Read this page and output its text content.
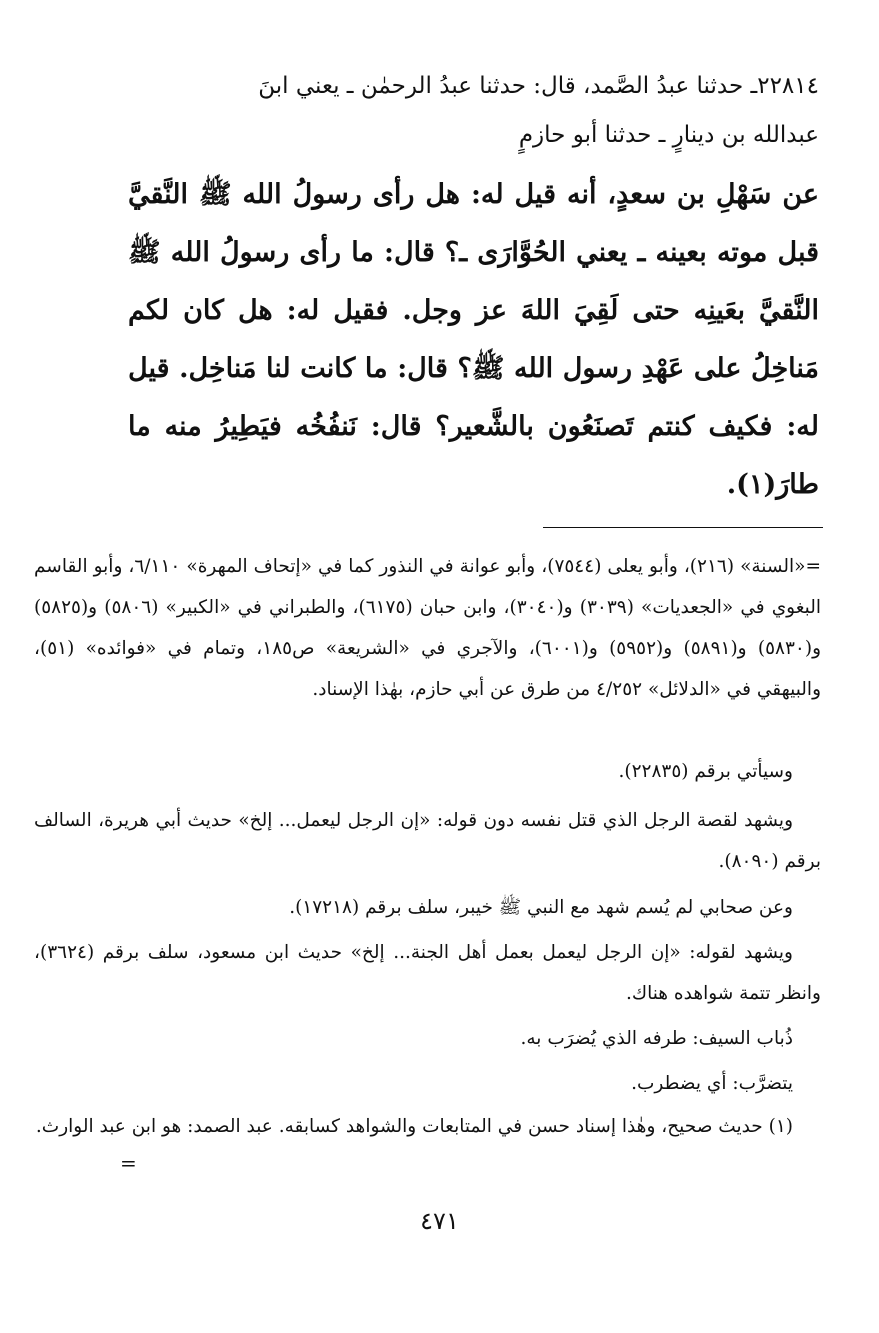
٢٢٨١٤ـ حدثنا عبدُ الصَّمد، قال: حدثنا عبدُ الرحمٰن ـ يعني ابنَ
عبدالله بن دينارٍ ـ حدثنا أبو حازمٍ

عن سَهْلِ بن سعدٍ، أنه قيل له: هل رأى رسولُ الله ﷺ النَّقيَّ قبل موته بعينه ـ يعني الحُوَّارَى ـ؟ قال: ما رأى رسولُ الله ﷺ النَّقيَّ بعَينِه حتى لَقِيَ اللهَ عز وجل. فقيل له: هل كان لكم مَناخِلُ على عَهْدِ رسول الله ﷺ؟ قال: ما كانت لنا مَناخِل. قيل له: فكيف كنتم تَصنَعُون بالشَّعير؟ قال: نَنفُخُه فيَطِيرُ منه ما طارَ(١).

=«السنة» (٢١٦)، وأبو يعلى (٧٥٤٤)، وأبو عوانة في النذور كما في «إتحاف المهرة» ٦/١١٠، وأبو القاسم البغوي في «الجعديات» (٣٠٣٩) و(٣٠٤٠)، وابن حبان (٦١٧٥)، والطبراني في «الكبير» (٥٨٠٦) و(٥٨٢٥) و(٥٨٣٠) و(٥٨٩١) و(٥٩٥٢) و(٦٠٠١)، والآجري في «الشريعة» ص١٨٥، وتمام في «فوائده» (٥١)، والبيهقي في «الدلائل» ٤/٢٥٢ من طرق عن أبي حازم، بهٰذا الإسناد.

وسيأتي برقم (٢٢٨٣٥).

ويشهد لقصة الرجل الذي قتل نفسه دون قوله: «إن الرجل ليعمل... إلخ» حديث أبي هريرة، السالف برقم (٨٠٩٠).

وعن صحابي لم يُسم شهد مع النبي ﷺ خيبر، سلف برقم (١٧٢١٨).

ويشهد لقوله: «إن الرجل ليعمل بعمل أهل الجنة... إلخ» حديث ابن مسعود، سلف برقم (٣٦٢٤)، وانظر تتمة شواهده هناك.

ذُباب السيف: طرفه الذي يُضرَب به.

يتضرَّب: أي يضطرب.

(١) حديث صحيح، وهٰذا إسناد حسن في المتابعات والشواهد كسابقه. عبد الصمد: هو ابن عبد الوارث.

=
٤٧١
